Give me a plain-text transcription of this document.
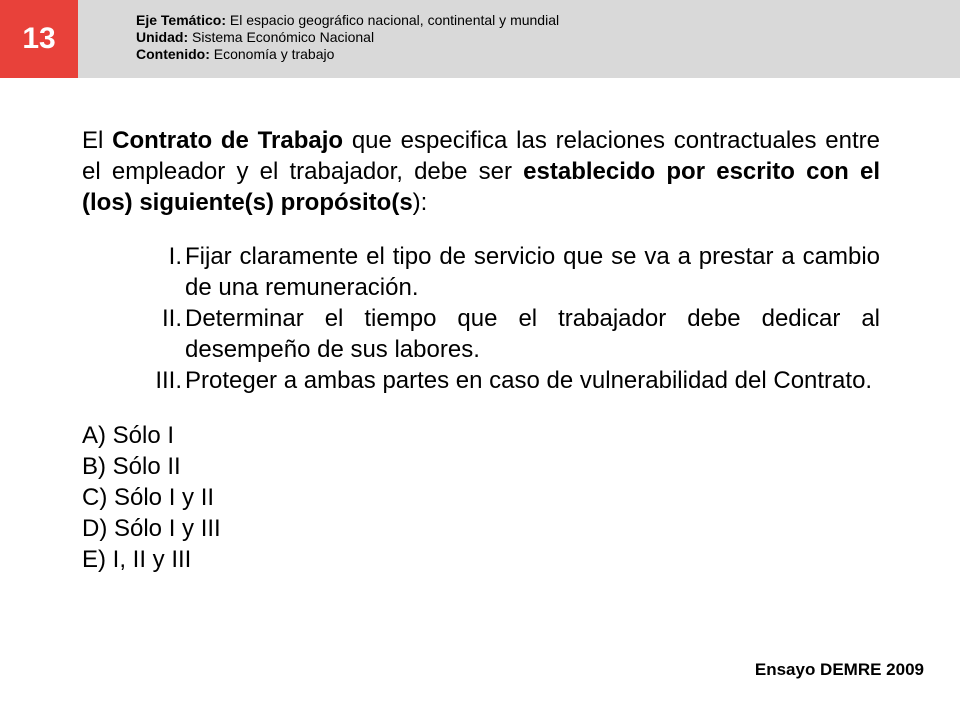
13
Eje Temático: El espacio geográfico nacional, continental y mundial
Unidad: Sistema Económico Nacional
Contenido: Economía y trabajo

El Contrato de Trabajo que especifica las relaciones contractuales entre el empleador y el trabajador, debe ser establecido por escrito con el (los) siguiente(s) propósito(s):

I. Fijar claramente el tipo de servicio que se va a prestar a cambio de una remuneración.
II. Determinar el tiempo que el trabajador debe dedicar al desempeño de sus labores.
III. Proteger a ambas partes en caso de vulnerabilidad del Contrato.
A) Sólo I
B) Sólo II
C) Sólo I y II
D) Sólo I y III
E) I, II y III
Ensayo DEMRE 2009
